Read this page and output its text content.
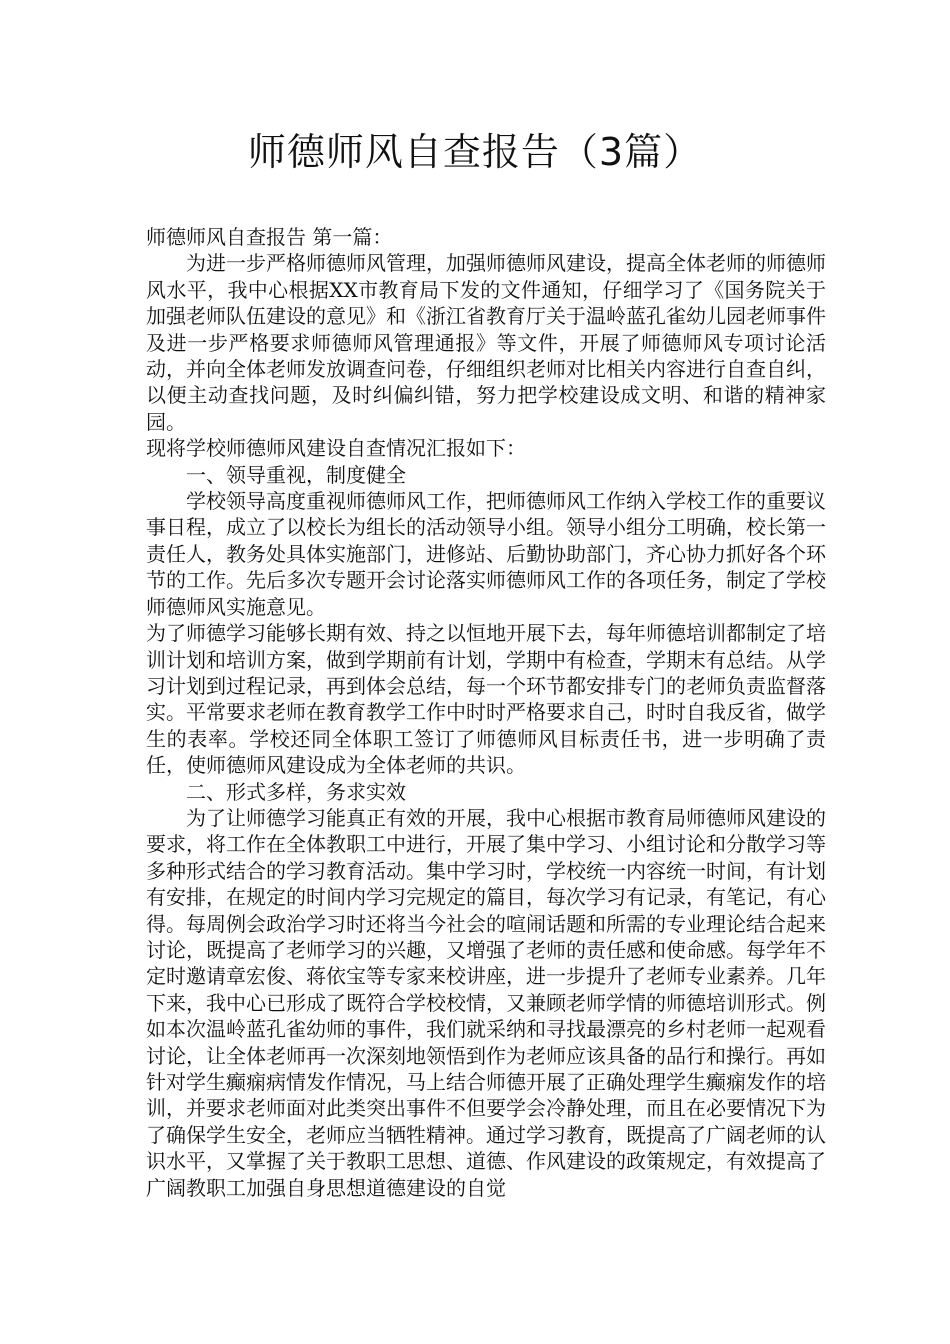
师德师风自查报告（3篇）

师德师风自查报告 第一篇：

为进一步严格师德师风管理，加强师德师风建设，提高全体老师的师德师风水平，我中心根据XX市教育局下发的文件通知，仔细学习了《国务院关于加强老师队伍建设的意见》和《浙江省教育厅关于温岭蓝孔雀幼儿园老师事件及进一步严格要求师德师风管理通报》等文件，开展了师德师风专项讨论活动，并向全体老师发放调查问卷，仔细组织老师对比相关内容进行自查自纠，以便主动查找问题，及时纠偏纠错，努力把学校建设成文明、和谐的精神家园。

现将学校师德师风建设自查情况汇报如下：

一、领导重视，制度健全

学校领导高度重视师德师风工作，把师德师风工作纳入学校工作的重要议事日程，成立了以校长为组长的活动领导小组。领导小组分工明确，校长第一责任人，教务处具体实施部门，进修站、后勤协助部门，齐心协力抓好各个环节的工作。先后多次专题开会讨论落实师德师风工作的各项任务，制定了学校师德师风实施意见。

为了师德学习能够长期有效、持之以恒地开展下去，每年师德培训都制定了培训计划和培训方案，做到学期前有计划，学期中有检查，学期末有总结。从学习计划到过程记录，再到体会总结，每一个环节都安排专门的老师负责监督落实。平常要求老师在教育教学工作中时时严格要求自己，时时自我反省，做学生的表率。学校还同全体职工签订了师德师风目标责任书，进一步明确了责任，使师德师风建设成为全体老师的共识。

二、形式多样，务求实效

为了让师德学习能真正有效的开展，我中心根据市教育局师德师风建设的要求，将工作在全体教职工中进行，开展了集中学习、小组讨论和分散学习等多种形式结合的学习教育活动。集中学习时，学校统一内容统一时间，有计划有安排，在规定的时间内学习完规定的篇目，每次学习有记录，有笔记，有心得。每周例会政治学习时还将当今社会的喧闹话题和所需的专业理论结合起来讨论，既提高了老师学习的兴趣，又增强了老师的责任感和使命感。每学年不定时邀请章宏俊、蒋依宝等专家来校讲座，进一步提升了老师专业素养。几年下来，我中心已形成了既符合学校校情，又兼顾老师学情的师德培训形式。例如本次温岭蓝孔雀幼师的事件，我们就采纳和寻找最漂亮的乡村老师一起观看讨论，让全体老师再一次深刻地领悟到作为老师应该具备的品行和操行。再如针对学生癫痫病情发作情况，马上结合师德开展了正确处理学生癫痫发作的培训，并要求老师面对此类突出事件不但要学会冷静处理，而且在必要情况下为了确保学生安全，老师应当牺牲精神。通过学习教育，既提高了广阔老师的认识水平，又掌握了关于教职工思想、道德、作风建设的政策规定，有效提高了广阔教职工加强自身思想道德建设的自觉
